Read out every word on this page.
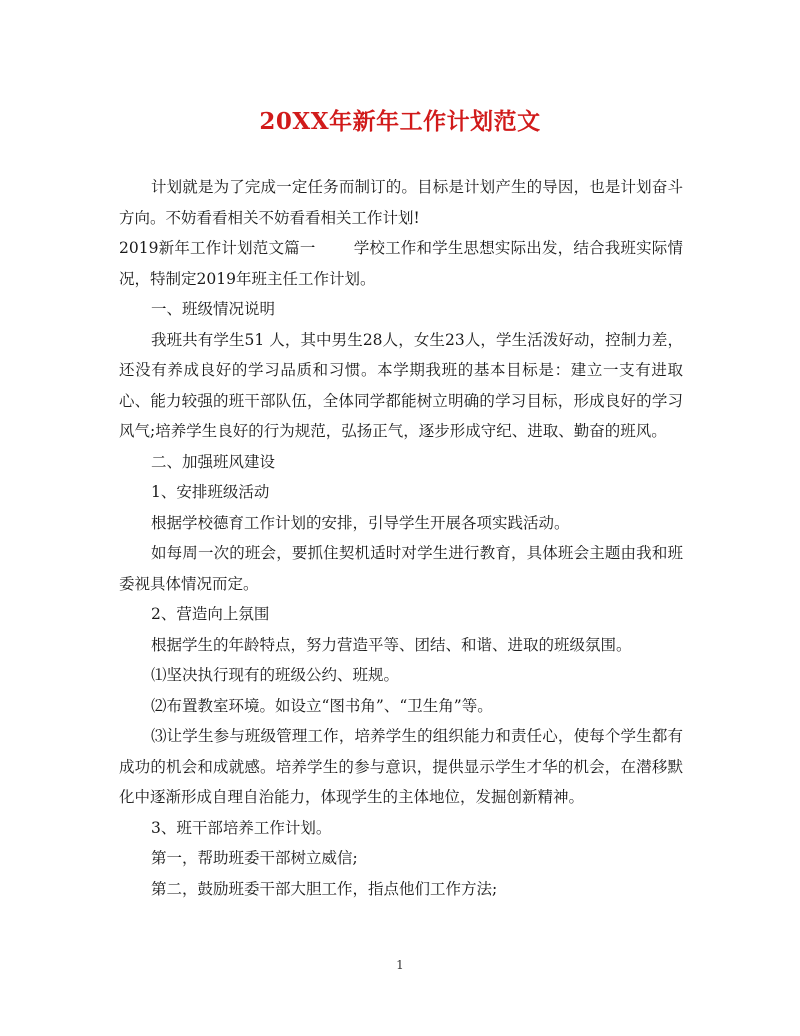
20XX年新年工作计划范文

计划就是为了完成一定任务而制订的。目标是计划产生的导因，也是计划奋斗方向。不妨看看相关不妨看看相关工作计划!

2019新年工作计划范文篇一 学校工作和学生思想实际出发，结合我班实际情况，特制定2019年班主任工作计划。

一、班级情况说明

我班共有学生51 人，其中男生28人，女生23人，学生活泼好动，控制力差，还没有养成良好的学习品质和习惯。本学期我班的基本目标是：建立一支有进取心、能力较强的班干部队伍，全体同学都能树立明确的学习目标，形成良好的学习风气;培养学生良好的行为规范，弘扬正气，逐步形成守纪、进取、勤奋的班风。

二、加强班风建设

1、安排班级活动

根据学校德育工作计划的安排，引导学生开展各项实践活动。

如每周一次的班会，要抓住契机适时对学生进行教育，具体班会主题由我和班委视具体情况而定。

2、营造向上氛围

根据学生的年龄特点，努力营造平等、团结、和谐、进取的班级氛围。

⑴坚决执行现有的班级公约、班规。

⑵布置教室环境。如设立“图书角”、“卫生角”等。

⑶让学生参与班级管理工作，培养学生的组织能力和责任心，使每个学生都有成功的机会和成就感。培养学生的参与意识，提供显示学生才华的机会，在潜移默化中逐渐形成自理自治能力，体现学生的主体地位，发掘创新精神。

3、班干部培养工作计划。

第一，帮助班委干部树立威信;

第二，鼓励班委干部大胆工作，指点他们工作方法;

1
